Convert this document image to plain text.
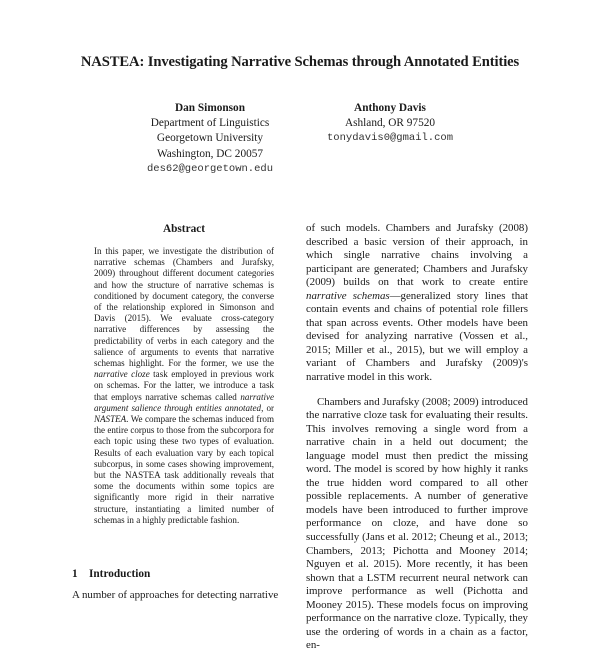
NASTEA: Investigating Narrative Schemas through Annotated Entities
Dan Simonson
Department of Linguistics
Georgetown University
Washington, DC 20057
des62@georgetown.edu
Anthony Davis
Ashland, OR 97520
tonydavis0@gmail.com
Abstract

In this paper, we investigate the distribution of narrative schemas (Chambers and Jurafsky, 2009) throughout different document categories and how the structure of narrative schemas is conditioned by document category, the converse of the relationship explored in Simonson and Davis (2015). We evaluate cross-category narrative differences by assessing the predictability of verbs in each category and the salience of arguments to events that narrative schemas highlight. For the former, we use the narrative cloze task employed in previous work on schemas. For the latter, we introduce a task that employs narrative schemas called narrative argument salience through entities annotated, or NASTEA. We compare the schemas induced from the entire corpus to those from the subcorpora for each topic using these two types of evaluation. Results of each evaluation vary by each topical subcorpus, in some cases showing improvement, but the NASTEA task additionally reveals that some the documents within some topics are significantly more rigid in their narrative structure, instantiating a limited number of schemas in a highly predictable fashion.

1 Introduction
A number of approaches for detecting narrative

of such models. Chambers and Jurafsky (2008) described a basic version of their approach, in which single narrative chains involving a participant are generated; Chambers and Jurafsky (2009) builds on that work to create entire narrative schemas—generalized story lines that contain events and chains of potential role fillers that span across events. Other models have been devised for analyzing narrative (Vossen et al., 2015; Miller et al., 2015), but we will employ a variant of Chambers and Jurafsky (2009)'s narrative model in this work.

Chambers and Jurafsky (2008; 2009) introduced the narrative cloze task for evaluating their results. This involves removing a single word from a narrative chain in a held out document; the language model must then predict the missing word. The model is scored by how highly it ranks the true hidden word compared to all other possible replacements. A number of generative models have been introduced to further improve performance on cloze, and have done so successfully (Jans et al. 2012; Cheung et al., 2013; Chambers, 2013; Pichotta and Mooney 2014; Nguyen et al. 2015). More recently, it has been shown that a LSTM recurrent neural network can improve performance as well (Pichotta and Mooney 2015). These models focus on improving performance on the narrative cloze. Typically, they use the ordering of words in a chain as a factor, en-
